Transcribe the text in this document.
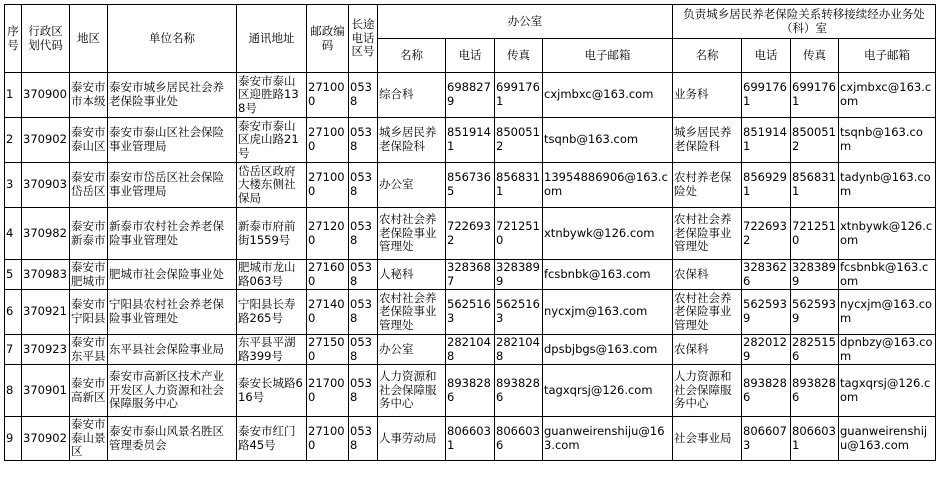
序号	行政区划代码	地区	单位名称	通讯地址	邮政编码	长途电话区号	办公室				负责城乡居民养老保险关系转移接续经办业务处（科）室			
							名称	电话	传真	电子邮箱	名称	电话	传真	电子邮箱
1	370900	泰安市市本级	泰安市城乡居民社会养老保险事业处	泰安市泰山区迎胜路138号	271000	0538	综合科	6988279	6991761	cxjmbxc@163.com	业务科	6991761	6991761	cxjmbxc@163.com
2	370902	泰安市泰山区	泰安市泰山区社会保险事业管理局	泰安市泰山区虎山路21号	271000	0538	城乡居民养老保险科	8519141	8500512	tsqnb@163.com	城乡居民养老保险科	8519141	8500512	tsqnb@163.com
3	370903	泰安市岱岳区	泰安市岱岳区社会保险事业管理局	岱岳区政府大楼东侧社保局	271000	0538	办公室	8567365	8568311	13954886906@163.com	农村养老保险处	8569291	8568311	tadynb@163.com
4	370982	泰安市新泰市	新泰市农村社会养老保险事业管理处	新泰市府前街1559号	271200	0538	农村社会养老保险事业管理处	7226932	7212510	xtnbywk@126.com	农村社会养老保险事业管理处	7226932	7212510	xtnbywk@126.com
5	370983	泰安市肥城市	肥城市社会保险事业处	肥城市龙山路063号	271600	0538	人秘科	3283687	3283899	fcsbnbk@163.com	农保科	3283626	3283899	fcsbnbk@163.com
6	370921	泰安市宁阳县	宁阳县农村社会养老保险事业管理处	宁阳县长寿路265号	271400	0538	农村社会养老保险事业管理处	5625163	5625163	nycxjm@163.com	农村社会养老保险事业管理处	5625939	5625939	nycxjm@163.com
7	370923	泰安市东平县	东平县社会保险事业局	东平县平湖路399号	271500	0538	办公室	2821048	2821048	dpsbjbgs@163.com	农保科	2820129	2825156	dpnbzy@163.com
8	370901	泰安市高新区	泰安市高新区技术产业开发区人力资源和社会保障服务中心	泰安长城路616号	217000	0538	人力资源和社会保障服务中心	8938286	8938286	tagxqrsj@126.com	人力资源和社会保障服务中心	8938286	8938286	tagxqrsj@126.com
9	370902	泰安市泰山景区	泰安市泰山风景名胜区管理委员会	泰安市红门路45号	271000	0538	人事劳动局	8066031	8066036	guanweirenshiju@163.com	社会事业局	8066073	8066031	guanweirenshiju@163.com
